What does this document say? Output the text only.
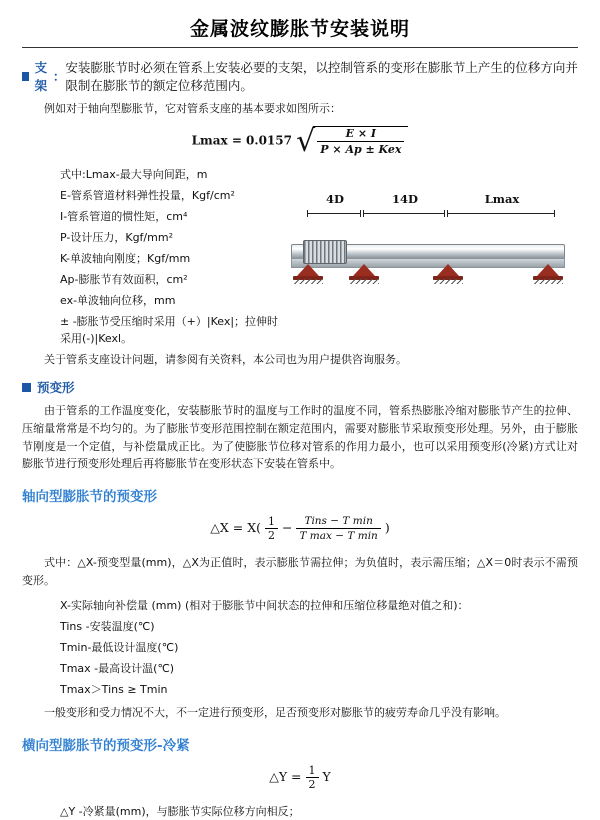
金属波纹膨胀节安装说明
支架
：
安装膨胀节时必须在管系上安装必要的支架，以控制管系的变形在膨胀节上产生的位移方向并限制在膨胀节的额定位移范围内。

例如对于轴向型膨胀节，它对管系支座的基本要求如图所示：

Lmax = 0.0157 √
$\frac{E \times I}{\text{P × Ap ± Kex}}$
式中:Lmax-最大导向间距，m
E-管系管道材料弹性投量，Kgf/cm²
I-管系管道的惯性矩，cm⁴
P-设计压力，Kgf/mm²
K-单波轴向刚度；Kgf/mm
Ap-膨胀节有效面积，cm²
ex-单波轴向位移，mm
± -膨胀节受压缩时采用（+）|Kex|；拉伸时采用(-)|Kexl。
4D	14D	Lmax

关于管系支座设计问题，请参阅有关资料，本公司也为用户提供咨询服务。

预变形

由于管系的工作温度变化，安装膨胀节时的温度与工作时的温度不同，管系热膨胀冷缩对膨胀节产生的拉伸、压缩量常常是不均匀的。为了膨胀节变形范围控制在额定范围内，需要对膨胀节采取预变形处理。另外，由于膨胀节刚度是一个定值，与补偿量成正比。为了使膨胀节位移对管系的作用力最小，也可以采用预变形(冷紧)方式让对膨胀节进行预变形处理后再将膨胀节在变形状态下安装在管系中。

轴向型膨胀节的预变形
△X = $X( \frac{1}{2}$ −	Tins − T min
T max − T min
)

式中：△X-预变型量(mm)，△X为正值时，表示膨胀节需拉伸；为负值时，表示需压缩；△X＝0时表示不需预变形。

X-实际轴向补偿量 (mm) (相对于膨胀节中间状态的拉伸和压缩位移量绝对值之和)：
Tins -安装温度(℃)
Tmin-最低设计温度(℃)
Tmax -最高设计温(℃)
Tmax＞Tins ≥ Tmin

一般变形和受力情况不大，不一定进行预变形，足否预变形对膨胀节的疲劳寿命几乎没有影响。

横向型膨胀节的预变形-冷紧
△Y = $\frac{1}{2}$ Y
△Y -冷紧量(mm)，与膨胀节实际位移方向相反；
